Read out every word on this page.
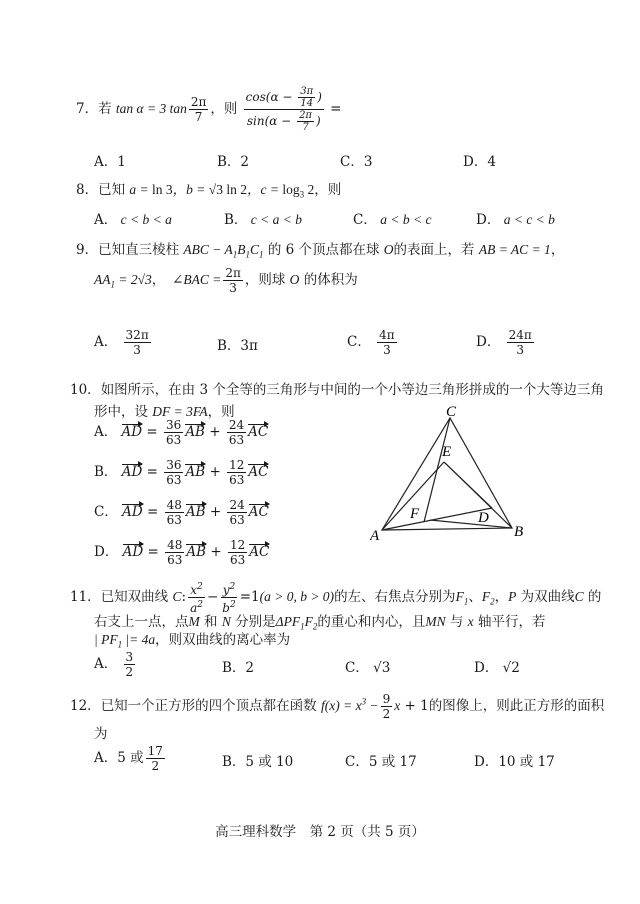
7．若 tan α = 3 $\tan \frac{2\pi}{7}$ ，则 $\frac{\cos(\alpha - \frac{3\pi}{14} )}{\sin(\alpha - \frac{2\pi}{7} )}$ =
A．1	B．2	C．3	D．4
8．已知 a = ln 3，b = √3 ln 2，$c = \log_3 2$，则
A． c < b < a	B． c < a < b	C． a < b < c	D． a < c < b
9．已知直三棱柱 ABC − $A_1B_1C_1$ 的 6 个顶点都在球 O的表面上，若 AB = AC = 1，
$AA_1 = 2√3$，　∠BAC = $\frac{2\pi}{3}$ ，则球 O 的体积为
A． $\frac{32\pi}{3}$	B．3π	C． $\frac{4\pi}{3}$	D． $\frac{24\pi}{3}$
10．如图所示，在由 3 个全等的三角形与中间的一个小等边三角形拼成的一个大等边三角
形中，设 DF = 3FA，则
A． AD = $\frac{36}{63}$ AB + $\frac{24}{63}$ AC
B． AD = $\frac{36}{63}$ AB + $\frac{12}{63}$ AC
C． AD = $\frac{48}{63}$ AB + $\frac{24}{63}$ AC
D． AD = $\frac{48}{63}$ AB + $\frac{12}{63}$ AC
C
E
F	D
A	B
11．已知双曲线 C: $\frac{x^2}{a^2} - \frac{y^2}{b^2} =1(a > 0$, b > 0)的左、右焦点分别为$F_1$、$F_2$，P 为双曲线C 的
右支上一点，点M 和 N 分别是$\Delta PF_1F_2$的重心和内心，且MN 与 x 轴平行，若
| $PF_1$ |= 4a，则双曲线的离心率为
A． $\frac{3}{2}$	B．2	C． √3	D． √2
12．已知一个正方形的四个顶点都在函数 $f(x) = x^3 - \frac{9}{2}$ x + 1的图像上，则此正方形的面积
为
A．5 或 $\frac{17}{2}$	B．5 或 10	C．5 或 17	D．10 或 17
高三理科数学　第 2 页（共 5 页）
